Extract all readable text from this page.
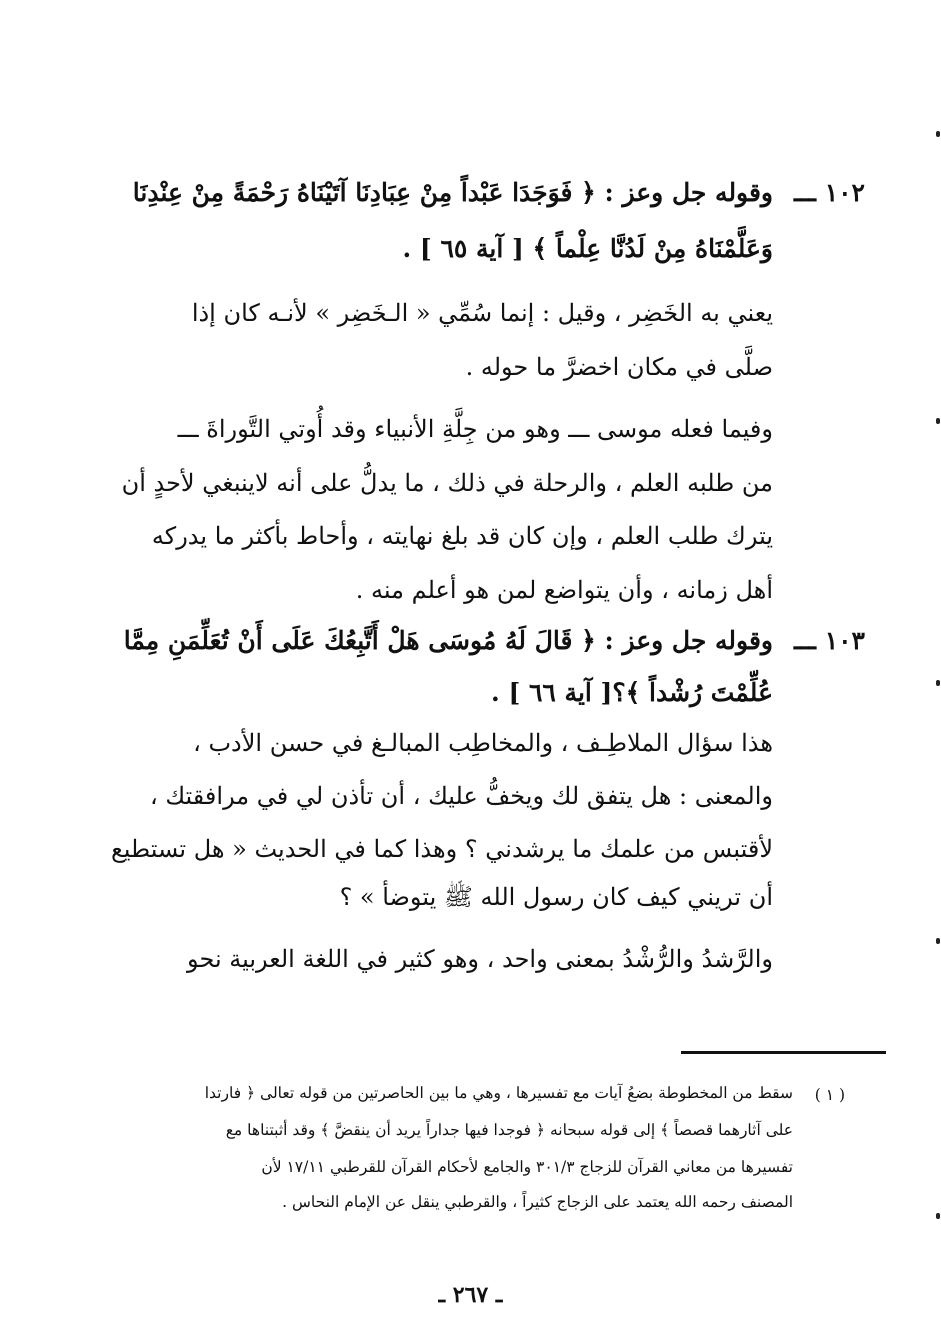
١٠٢ ـــ
وقوله جل وعز : ﴿ فَوَجَدَا عَبْداً مِنْ عِبَادِنَا آتَيْنَاهُ رَحْمَةً مِنْ عِنْدِنَا
وَعَلَّمْنَاهُ مِنْ لَدُنَّا عِلْماً ﴾ [ آية ٦٥ ] .
يعني به الخَضِر ، وقيل : إنما سُمِّي « الـخَضِر » لأنـه كان إذا
صلَّى في مكان اخضرَّ ما حوله .
وفيما فعله موسى ـــ وهو من جِلَّةِ الأنبياء وقد أُوتي التَّوراةَ ـــ
من طلبه العلم ، والرحلة في ذلك ، ما يدلُّ على أنه لاينبغي لأحدٍ أن
يترك طلب العلم ، وإن كان قد بلغ نهايته ، وأحاط بأكثر ما يدركه
أهل زمانه ، وأن يتواضع لمن هو أعلم منه .
١٠٣ ـــ
وقوله جل وعز : ﴿ قَالَ لَهُ مُوسَى هَلْ أَتَّبِعُكَ عَلَى أَنْ تُعَلِّمَنِ مِمَّا
عُلِّمْتَ رُشْداً ﴾؟[ آية ٦٦ ] .
هذا سؤال الملاطِـف ، والمخاطِب المبالـغ في حسن الأدب ،
والمعنى : هل يتفق لك ويخفُّ عليك ، أن تأذن لي في مرافقتك ،
لأقتبس من علمك ما يرشدني ؟ وهذا كما في الحديث « هل تستطيع
أن تريني كيف كان رسول الله ﷺ يتوضأ » ؟
والرَّشدُ والرُّشْدُ بمعنى واحد ، وهو كثير في اللغة العربية نحو
( ١ )
سقط من المخطوطة بضعُ آيات مع تفسيرها ، وهي ما بين الحاصرتين من قوله تعالى ﴿ فارتدا
على آثارهما قصصاً ﴾ إلى قوله سبحانه ﴿ فوجدا فيها جداراً يريد أن ينقضَّ ﴾ وقد أثبتناها مع
تفسيرها من معاني القرآن للزجاج ٣٠١/٣ والجامع لأحكام القرآن للقرطبي ١٧/١١ لأن
المصنف رحمه الله يعتمد على الزجاج كثيراً ، والقرطبي ينقل عن الإمام النحاس .
ـ ٢٦٧ ـ
